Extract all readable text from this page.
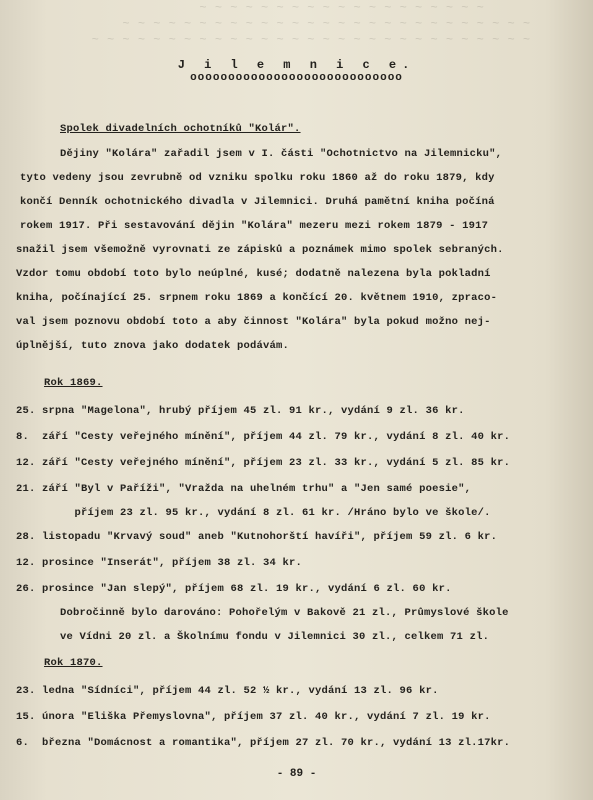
~ ~ ~ ~ ~ ~ ~ ~ ~ ~ ~ ~ ~ ~ ~ ~ ~ ~ ~
~ ~ ~ ~ ~ ~ ~ ~ ~ ~ ~ ~ ~ ~ ~ ~ ~ ~ ~ ~ ~ ~ ~ ~ ~ ~ ~
~ ~ ~ ~ ~ ~ ~ ~ ~ ~ ~ ~ ~ ~ ~ ~ ~ ~ ~ ~ ~ ~ ~ ~ ~ ~ ~ ~ ~
J i l e m n i c e.
oooooooooooooooooooooooooooo
Spolek divadelních ochotníků "Kolár".
Dějiny "Kolára" zařadil jsem v I. části "Ochotnictvo na Jilemnicku",
tyto vedeny jsou zevrubně od vzniku spolku roku 1860 až do roku 1879, kdy
končí Denník ochotnického divadla v Jilemnici. Druhá pamětní kniha počíná
rokem 1917. Při sestavování dějin "Kolára" mezeru mezi rokem 1879 - 1917
snažil jsem všemožně vyrovnati ze zápisků a poznámek mimo spolek sebraných.
Vzdor tomu období toto bylo neúplné, kusé; dodatně nalezena byla pokladní
kniha, počínající 25. srpnem roku 1869 a končící 20. květnem 1910, zpraco-
val jsem poznovu období toto a aby činnost "Kolára" byla pokud možno nej-
úplnější, tuto znova jako dodatek podávám.
Rok 1869.
25. srpna "Magelona", hrubý příjem 45 zl. 91 kr., vydání 9 zl. 36 kr.
8.  září "Cesty veřejného mínění", příjem 44 zl. 79 kr., vydání 8 zl. 40 kr.
12. září "Cesty veřejného mínění", příjem 23 zl. 33 kr., vydání 5 zl. 85 kr.
21. září "Byl v Paříži", "Vražda na uhelném trhu" a "Jen samé poesie",
příjem 23 zl. 95 kr., vydání 8 zl. 61 kr. /Hráno bylo ve škole/.
28. listopadu "Krvavý soud" aneb "Kutnohorští havíři", příjem 59 zl. 6 kr.
12. prosince "Inserát", příjem 38 zl. 34 kr.
26. prosince "Jan slepý", příjem 68 zl. 19 kr., vydání 6 zl. 60 kr.
Dobročinně bylo darováno: Pohořelým v Bakově 21 zl., Průmyslové škole
ve Vídni 20 zl. a Školnímu fondu v Jilemnici 30 zl., celkem 71 zl.
Rok 1870.
23. ledna "Sídníci", příjem 44 zl. 52 ½ kr., vydání 13 zl. 96 kr.
15. února "Eliška Přemyslovna", příjem 37 zl. 40 kr., vydání 7 zl. 19 kr.
6.  března "Domácnost a romantika", příjem 27 zl. 70 kr., vydání 13 zl.17kr.
- 89 -
